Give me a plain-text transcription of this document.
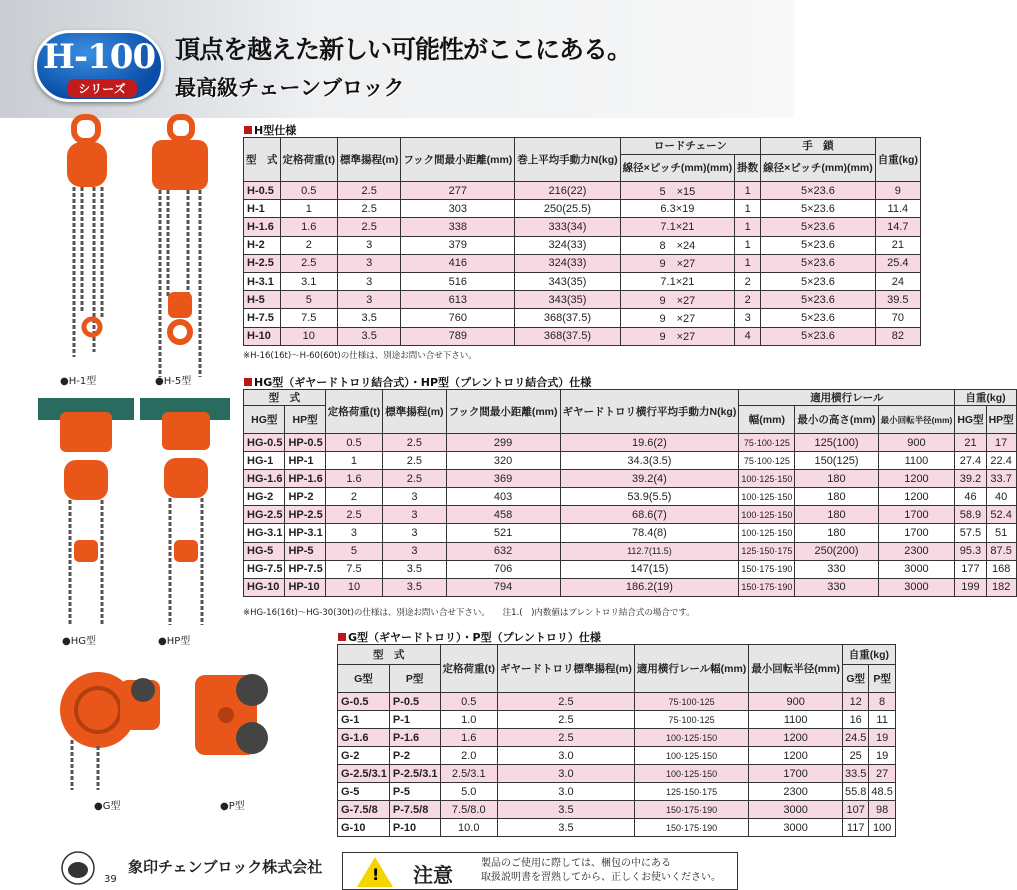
H-100
シリーズ
頂点を越えた新しい可能性がここにある。
最高級チェーンブロック
●H-1型	●H-5型
●HG型	●HP型
●G型	●P型
H型仕様
型　式	定格荷重(t)	標準揚程(m)	フック間最小距離(mm)	巻上平均手動力N(kg)	ロードチェーン		手　鎖	自重(kg)
					線径×ピッチ(mm)(mm)	掛数	線径×ピッチ(mm)(mm)	
H-0.5	0.5	2.5	277	216(22)	5　×15	1	5×23.6	9
H-1	1	2.5	303	250(25.5)	6.3×19	1	5×23.6	11.4
H-1.6	1.6	2.5	338	333(34)	7.1×21	1	5×23.6	14.7
H-2	2	3	379	324(33)	8　×24	1	5×23.6	21
H-2.5	2.5	3	416	324(33)	9　×27	1	5×23.6	25.4
H-3.1	3.1	3	516	343(35)	7.1×21	2	5×23.6	24
H-5	5	3	613	343(35)	9　×27	2	5×23.6	39.5
H-7.5	7.5	3.5	760	368(37.5)	9　×27	3	5×23.6	70
H-10	10	3.5	789	368(37.5)	9　×27	4	5×23.6	82
※H-16(16t)～H-60(60t)の仕様は、別途お問い合せ下さい。
HG型（ギヤードトロリ結合式）・HP型（プレントロリ結合式）仕様
型　式		定格荷重(t)	標準揚程(m)	フック間最小距離(mm)	ギヤードトロリ横行平均手動力N(kg)	適用横行レール			自重(kg)	
HG型	HP型					幅(mm)	最小の高さ(mm)	最小回転半径(mm)	HG型	HP型
HG-0.5	HP-0.5	0.5	2.5	299	19.6(2)	75·100·125	125(100)	900	21	17
HG-1	HP-1	1	2.5	320	34.3(3.5)	75·100·125	150(125)	1100	27.4	22.4
HG-1.6	HP-1.6	1.6	2.5	369	39.2(4)	100·125·150	180	1200	39.2	33.7
HG-2	HP-2	2	3	403	53.9(5.5)	100·125·150	180	1200	46	40
HG-2.5	HP-2.5	2.5	3	458	68.6(7)	100·125·150	180	1700	58.9	52.4
HG-3.1	HP-3.1	3	3	521	78.4(8)	100·125·150	180	1700	57.5	51
HG-5	HP-5	5	3	632	112.7(11.5)	125·150·175	250(200)	2300	95.3	87.5
HG-7.5	HP-7.5	7.5	3.5	706	147(15)	150·175·190	330	3000	177	168
HG-10	HP-10	10	3.5	794	186.2(19)	150·175·190	330	3000	199	182
※HG-16(16t)～HG-30(30t)の仕様は、別途お問い合せ下さい。　　注1.(　)内数値はプレントロリ結合式の場合です。
G型（ギヤードトロリ）・P型（プレントロリ）仕様
型　式		定格荷重(t)	ギヤードトロリ標準揚程(m)	適用横行レール幅(mm)	最小回転半径(mm)	自重(kg)	
G型	P型					G型	P型
G-0.5	P-0.5	0.5	2.5	75·100·125	900	12	8
G-1	P-1	1.0	2.5	75·100·125	1100	16	11
G-1.6	P-1.6	1.6	2.5	100·125·150	1200	24.5	19
G-2	P-2	2.0	3.0	100·125·150	1200	25	19
G-2.5/3.1	P-2.5/3.1	2.5/3.1	3.0	100·125·150	1700	33.5	27
G-5	P-5	5.0	3.0	125·150·175	2300	55.8	48.5
G-7.5/8	P-7.5/8	7.5/8.0	3.5	150·175·190	3000	107	98
G-10	P-10	10.0	3.5	150·175·190	3000	117	100
39
象印チェンブロック株式会社	! 注意	製品のご使用に際しては、梱包の中にある
取扱説明書を習熟してから、正しくお使いください。
